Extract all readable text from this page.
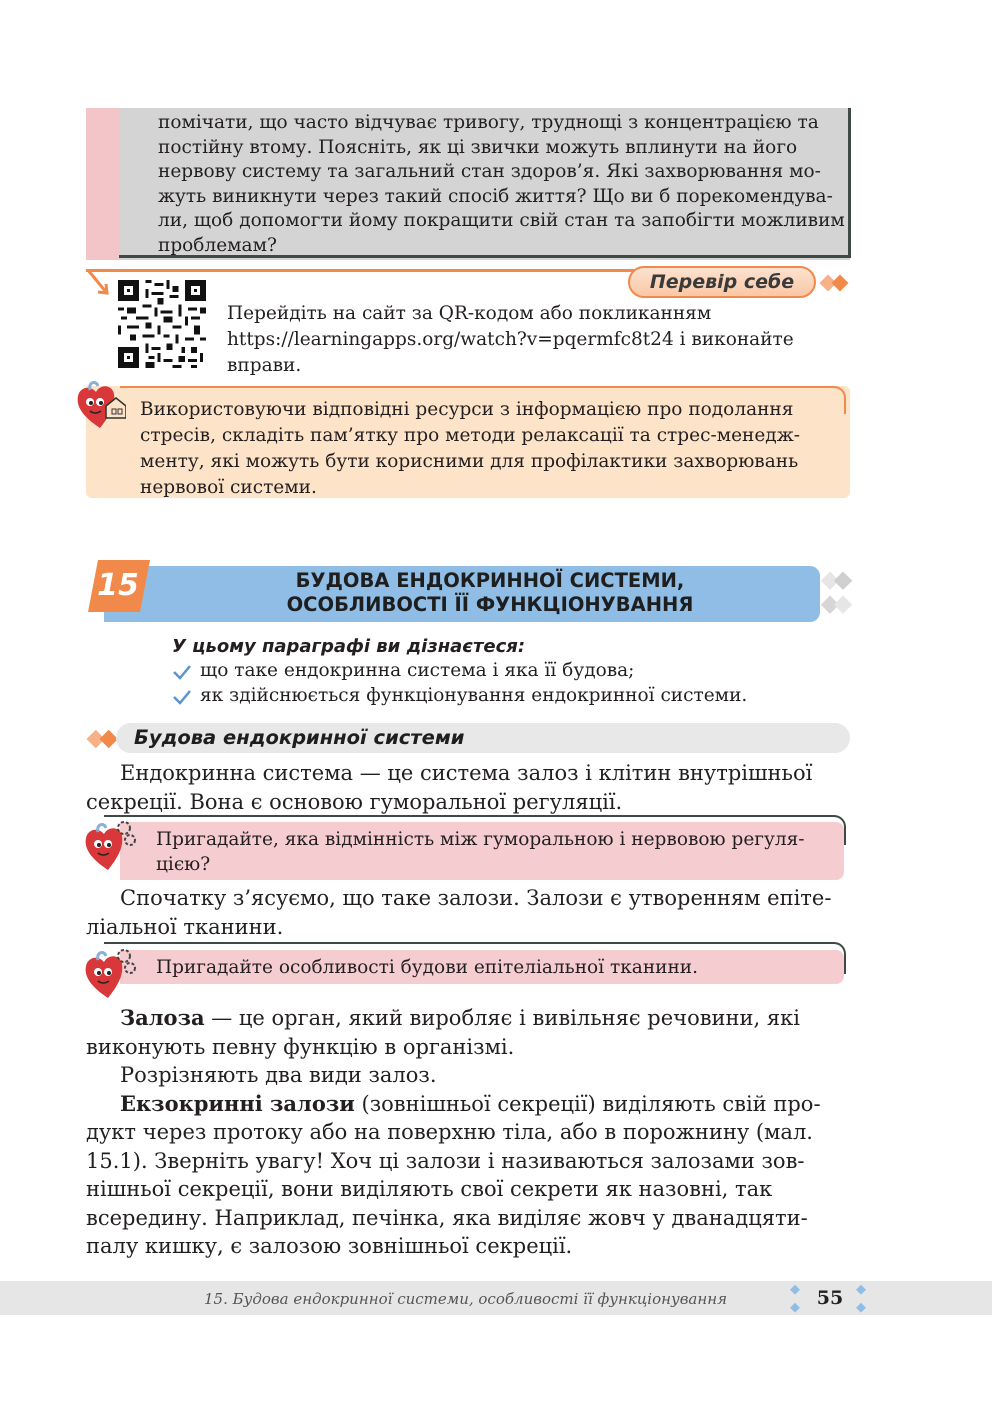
помічати, що часто відчуває тривогу, труднощі з концентрацією та
постійну втому. Поясніть, як ці звички можуть вплинути на його
нервову систему та загальний стан здоров’я. Які захворювання мо-
жуть виникнути через такий спосіб життя? Що ви б порекомендува-
ли, щоб допомогти йому покращити свій стан та запобігти можливим
проблемам?
Перевір себе
Перейдіть на сайт за QR-кодом або покликанням
https://learningapps.org/watch?v=pqermfc8t24 і виконайте
вправи.
Використовуючи відповідні ресурси з інформацією про подолання
стресів, складіть пам’ятку про методи релаксації та стрес-менедж-
менту, які можуть бути корисними для профілактики захворювань
нервової системи.
15	БУДОВА ЕНДОКРИННОЇ СИСТЕМИ,
ОСОБЛИВОСТІ ЇЇ ФУНКЦІОНУВАННЯ
У цьому параграфі ви дізнаєтеся:
що таке ендокринна система і яка її будова;
як здійснюється функціонування ендокринної системи.
Будова ендокринної системи
Ендокринна система — це система залоз і клітин внутрішньої
секреції. Вона є основою гуморальної регуляції.
Пригадайте, яка відмінність між гуморальною і нервовою регуля-
цією?
Спочатку з’ясуємо, що таке залози. Залози є утворенням епіте-
ліальної тканини.
Пригадайте особливості будови епітеліальної тканини.
Залоза — це орган, який виробляє і вивільняє речовини, які
виконують певну функцію в організмі.
Розрізняють два види залоз.
Екзокринні залози (зовнішньої секреції) виділяють свій про-
дукт через протоку або на поверхню тіла, або в порожнину (мал.
15.1). Зверніть увагу! Хоч ці залози і називаються залозами зов-
нішньої секреції, вони виділяють свої секрети як назовні, так
всередину. Наприклад, печінка, яка виділяє жовч у дванадцяти-
палу кишку, є залозою зовнішньої секреції.
15. Будова ендокринної системи, особливості її функціонування	55
